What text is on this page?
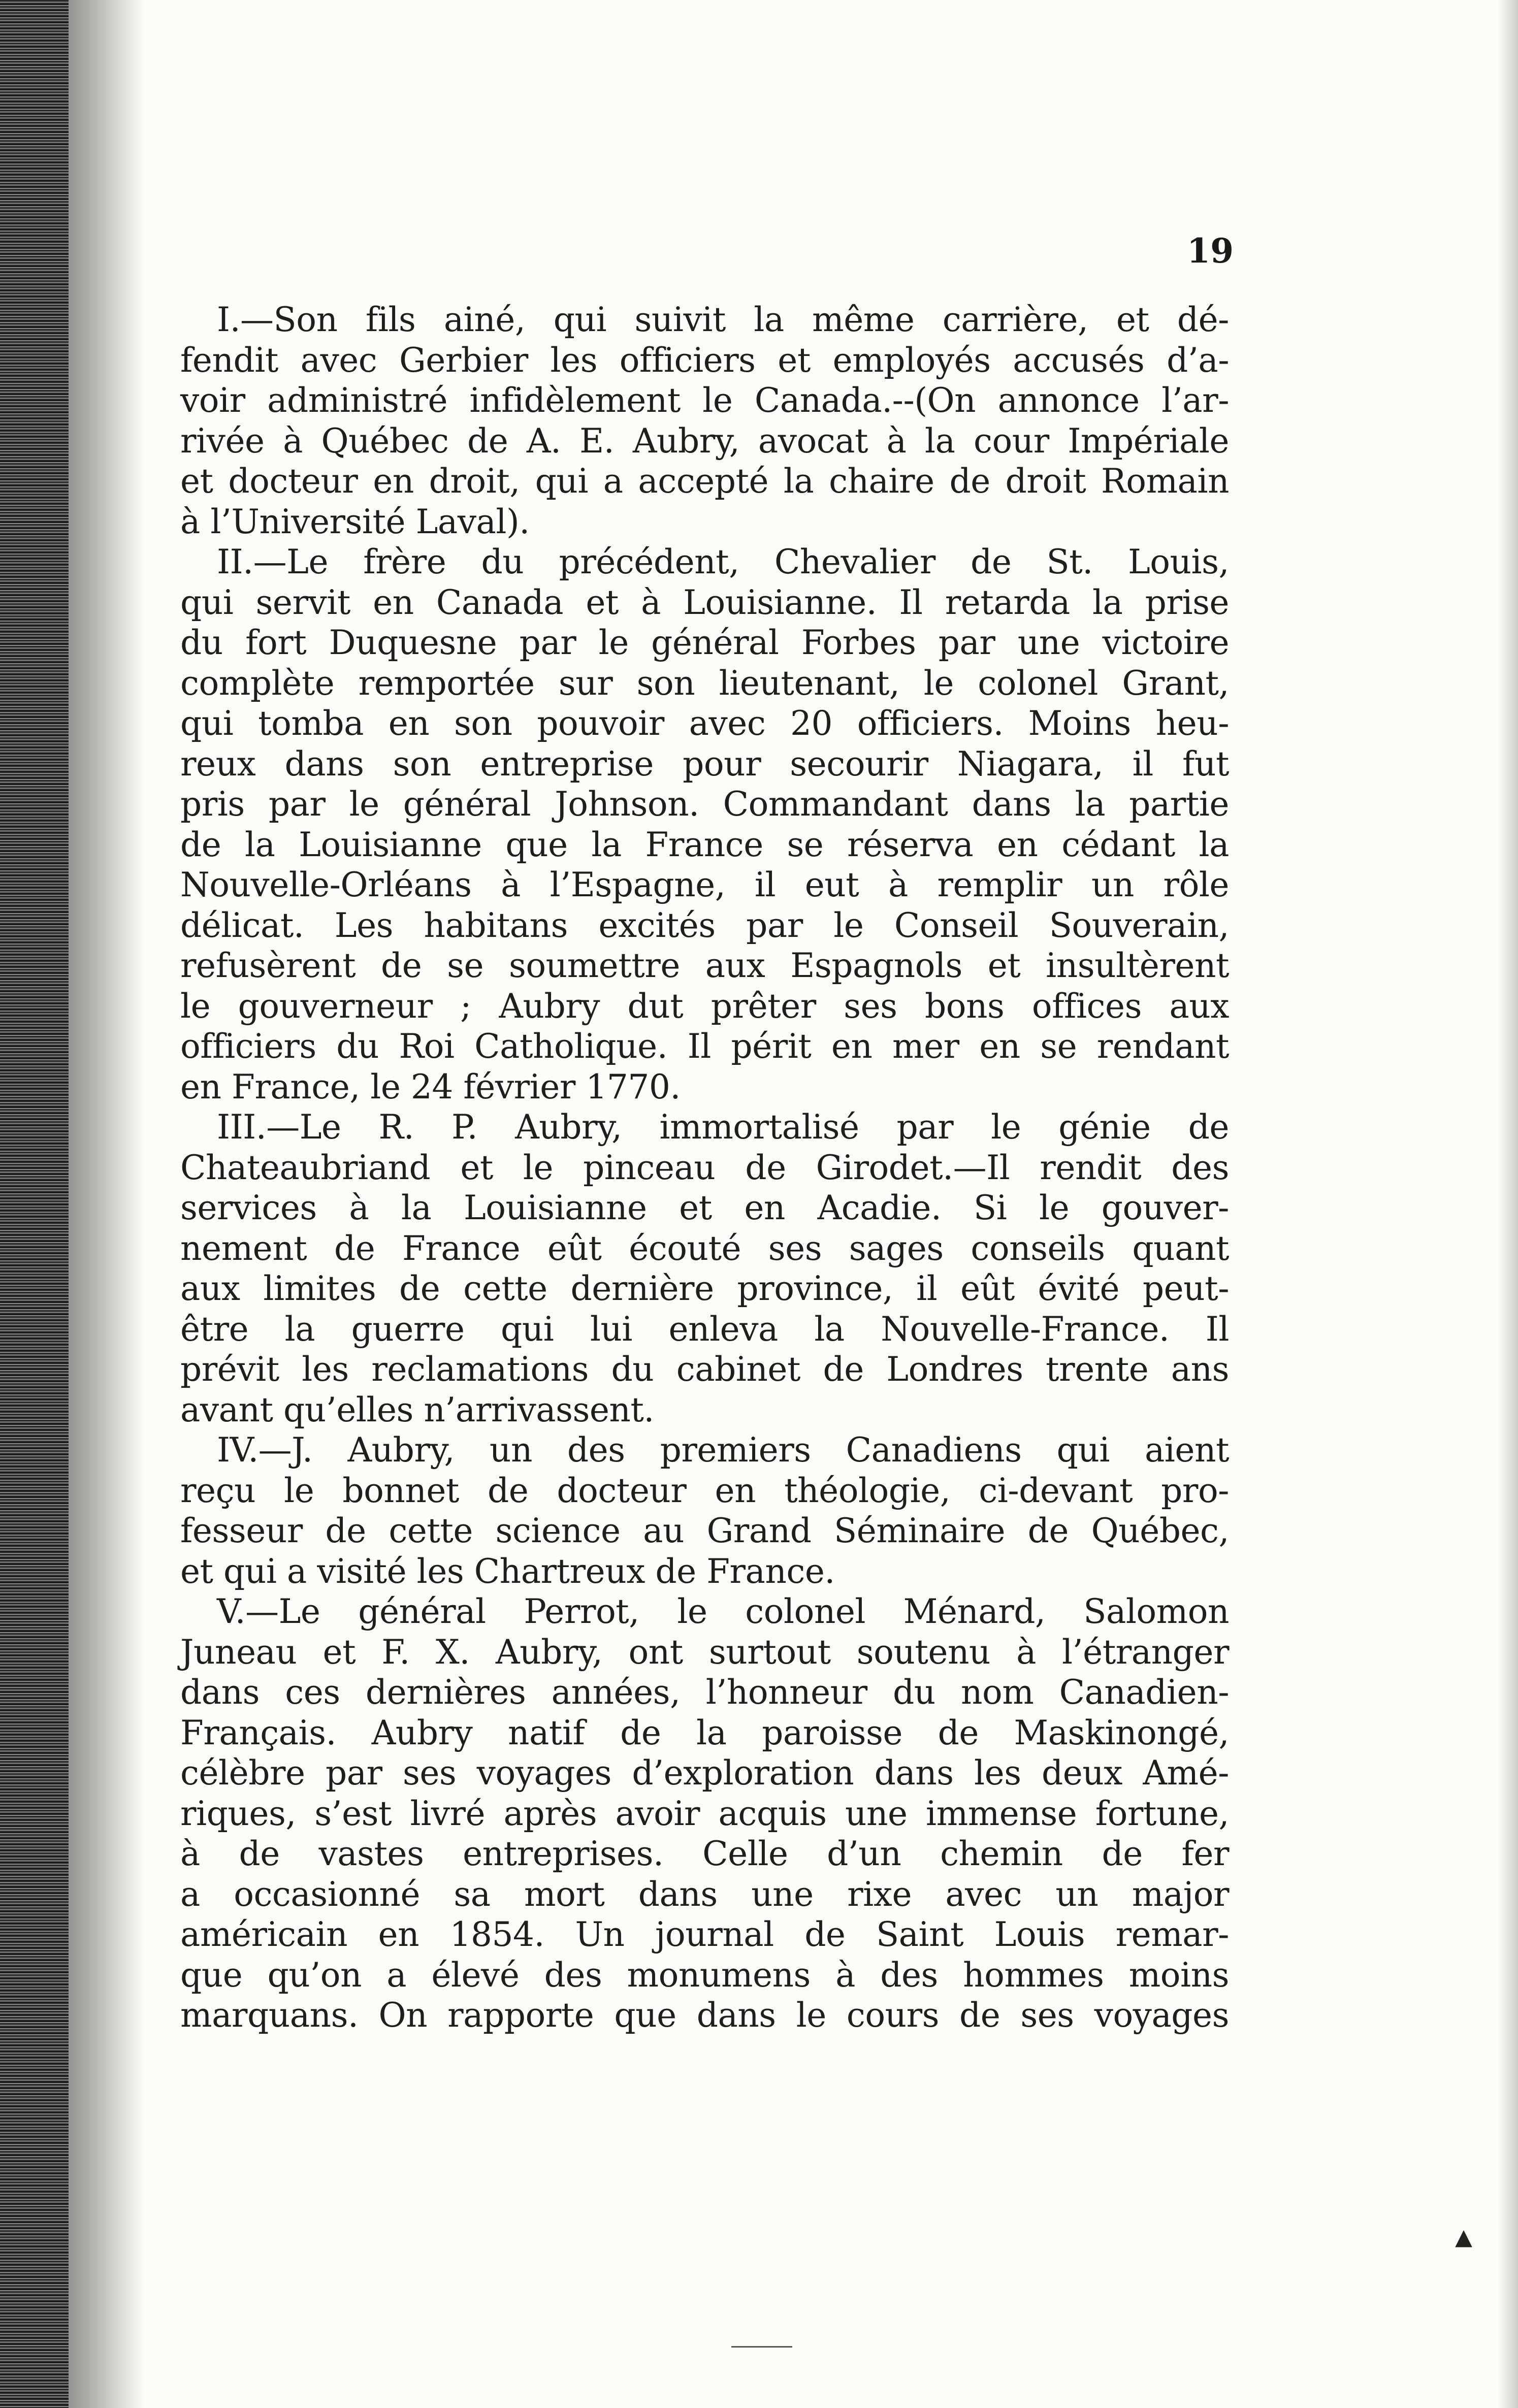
19
I.—Son fils ainé, qui suivit la même carrière, et dé-
fendit avec Gerbier les officiers et employés accusés d’a-
voir administré infidèlement le Canada.--(On annonce l’ar-
rivée à Québec de A. E. Aubry, avocat à la cour Impériale
et docteur en droit, qui a accepté la chaire de droit Romain
à l’Université Laval).
II.—Le frère du précédent, Chevalier de St. Louis,
qui servit en Canada et à Louisianne. Il retarda la prise
du fort Duquesne par le général Forbes par une victoire
complète remportée sur son lieutenant, le colonel Grant,
qui tomba en son pouvoir avec 20 officiers. Moins heu-
reux dans son entreprise pour secourir Niagara, il fut
pris par le général Johnson. Commandant dans la partie
de la Louisianne que la France se réserva en cédant la
Nouvelle-Orléans à l’Espagne, il eut à remplir un rôle
délicat. Les habitans excités par le Conseil Souverain,
refusèrent de se soumettre aux Espagnols et insultèrent
le gouverneur ; Aubry dut prêter ses bons offices aux
officiers du Roi Catholique. Il périt en mer en se rendant
en France, le 24 février 1770.
III.—Le R. P. Aubry, immortalisé par le génie de
Chateaubriand et le pinceau de Girodet.—Il rendit des
services à la Louisianne et en Acadie. Si le gouver-
nement de France eût écouté ses sages conseils quant
aux limites de cette dernière province, il eût évité peut-
être la guerre qui lui enleva la Nouvelle-France. Il
prévit les reclamations du cabinet de Londres trente ans
avant qu’elles n’arrivassent.
IV.—J. Aubry, un des premiers Canadiens qui aient
reçu le bonnet de docteur en théologie, ci-devant pro-
fesseur de cette science au Grand Séminaire de Québec,
et qui a visité les Chartreux de France.
V.—Le général Perrot, le colonel Ménard, Salomon
Juneau et F. X. Aubry, ont surtout soutenu à l’étranger
dans ces dernières années, l’honneur du nom Canadien-
Français. Aubry natif de la paroisse de Maskinongé,
célèbre par ses voyages d’exploration dans les deux Amé-
riques, s’est livré après avoir acquis une immense fortune,
à de vastes entreprises. Celle d’un chemin de fer
a occasionné sa mort dans une rixe avec un major
américain en 1854. Un journal de Saint Louis remar-
que qu’on a élevé des monumens à des hommes moins
marquans. On rapporte que dans le cours de ses voyages
▲
